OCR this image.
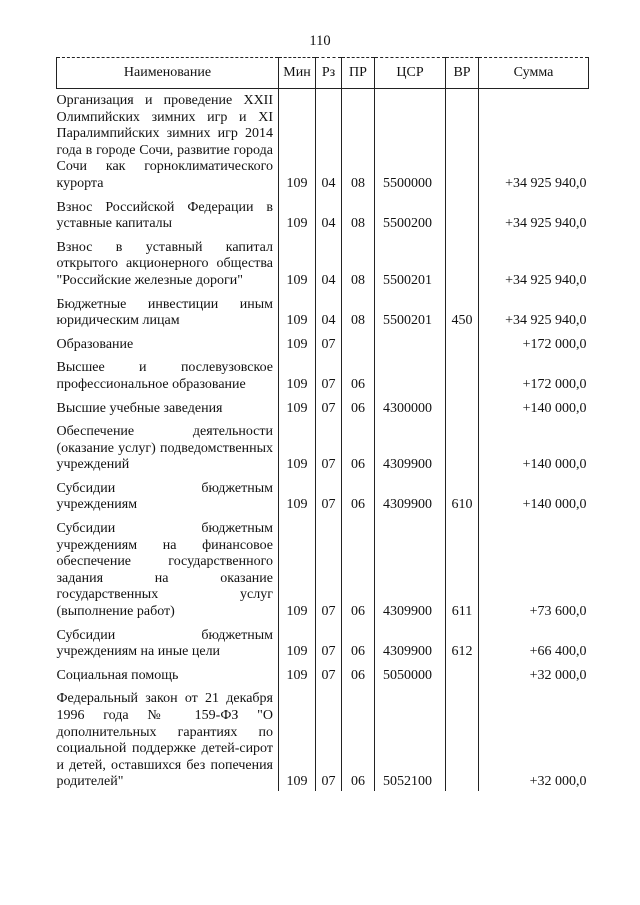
110
Наименование	Мин	Рз	ПР	ЦСР	ВР	Сумма
Организация и проведение XXII Олимпийских зимних игр и XI Паралимпийских зимних игр 2014 года в городе Сочи, развитие города Сочи как горноклиматического курорта	109	04	08	5500000		+34 925 940,0
Взнос Российской Федерации в уставные капиталы	109	04	08	5500200		+34 925 940,0
Взнос в уставный капитал открытого акционерного общества "Российские железные дороги"	109	04	08	5500201		+34 925 940,0
Бюджетные инвестиции иным юридическим лицам	109	04	08	5500201	450	+34 925 940,0
Образование	109	07				+172 000,0
Высшее и послевузовское профессиональное образование	109	07	06			+172 000,0
Высшие учебные заведения	109	07	06	4300000		+140 000,0
Обеспечение деятельности (оказание услуг) подведомственных учреждений	109	07	06	4309900		+140 000,0
Субсидии бюджетным учреждениям	109	07	06	4309900	610	+140 000,0
Субсидии бюджетным учреждениям на финансовое обеспечение государственного задания на оказание государственных услуг (выполнение работ)	109	07	06	4309900	611	+73 600,0
Субсидии бюджетным учреждениям на иные цели	109	07	06	4309900	612	+66 400,0
Социальная помощь	109	07	06	5050000		+32 000,0
Федеральный закон от 21 декабря 1996 года № 159-ФЗ "О дополнительных гарантиях по социальной поддержке детей-сирот и детей, оставшихся без попечения родителей"	109	07	06	5052100		+32 000,0
